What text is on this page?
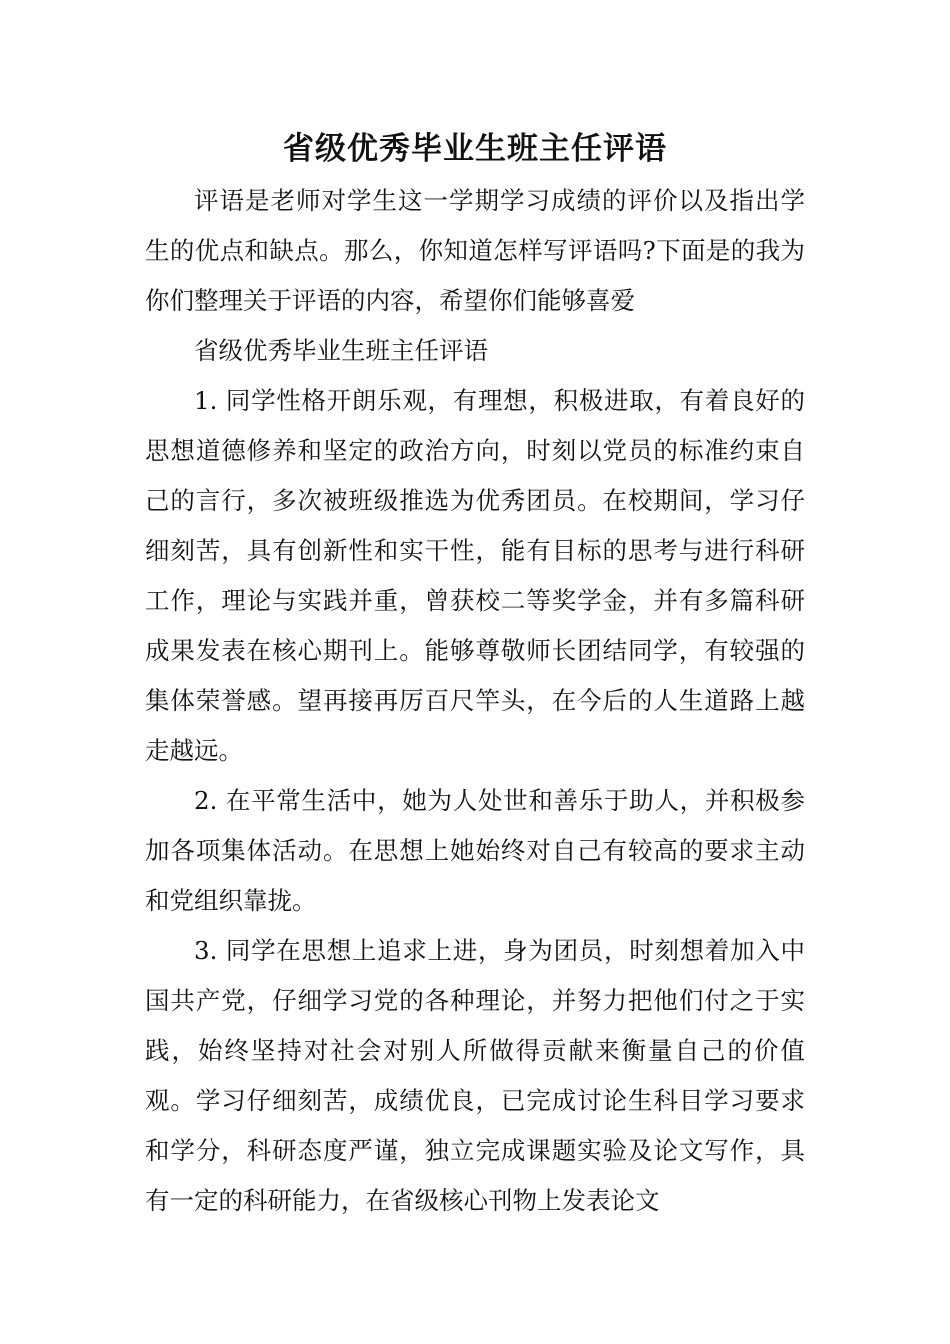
省级优秀毕业生班主任评语

评语是老师对学生这一学期学习成绩的评价以及指出学生的优点和缺点。那么，你知道怎样写评语吗?下面是的我为你们整理关于评语的内容，希望你们能够喜爱

省级优秀毕业生班主任评语

1. 同学性格开朗乐观，有理想，积极进取，有着良好的思想道德修养和坚定的政治方向，时刻以党员的标准约束自己的言行，多次被班级推选为优秀团员。在校期间，学习仔细刻苦，具有创新性和实干性，能有目标的思考与进行科研工作，理论与实践并重，曾获校二等奖学金，并有多篇科研成果发表在核心期刊上。能够尊敬师长团结同学，有较强的集体荣誉感。望再接再厉百尺竿头，在今后的人生道路上越走越远。

2. 在平常生活中，她为人处世和善乐于助人，并积极参加各项集体活动。在思想上她始终对自己有较高的要求主动和党组织靠拢。

3. 同学在思想上追求上进，身为团员，时刻想着加入中国共产党，仔细学习党的各种理论，并努力把他们付之于实践，始终坚持对社会对别人所做得贡献来衡量自己的价值观。学习仔细刻苦，成绩优良，已完成讨论生科目学习要求和学分，科研态度严谨，独立完成课题实验及论文写作，具有一定的科研能力，在省级核心刊物上发表论文
